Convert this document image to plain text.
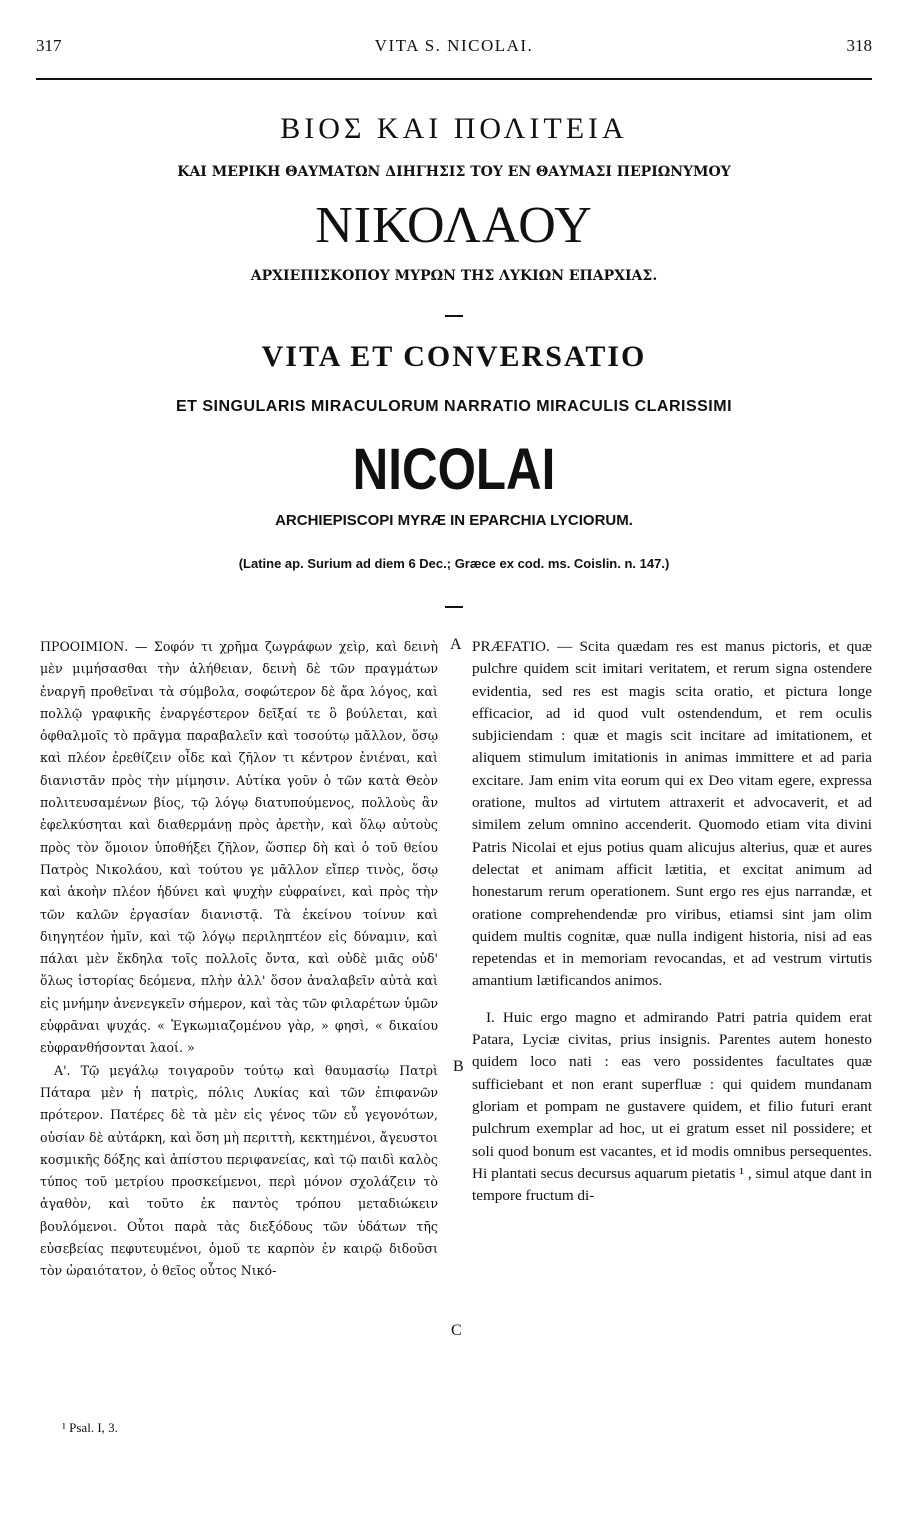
317	VITA S. NICOLAI.	318
ΒΙΟΣ ΚΑΙ ΠΟΛΙΤΕΙΑ
ΚΑΙ ΜΕΡΙΚΗ ΘΑΥΜΑΤΩΝ ΔΙΗΓΗΣΙΣ ΤΟΥ ΕΝ ΘΑΥΜΑΣΙ ΠΕΡΙΩΝΥΜΟΥ
ΝΙΚΟΛΑΟΥ
ΑΡΧΙΕΠΙΣΚΟΠΟΥ ΜΥΡΩΝ ΤΗΣ ΛΥΚΙΩΝ ΕΠΑΡΧΙΑΣ.
VITA ET CONVERSATIO
ET SINGULARIS MIRACULORUM NARRATIO MIRACULIS CLARISSIMI
NICOLAI
ARCHIEPISCOPI MYRÆ IN EPARCHIA LYCIORUM.
(Latine ap. Surium ad diem 6 Dec.; Græce ex cod. ms. Coislin. n. 147.)

ΠΡΟΟΙΜΙΟΝ. — Σοφόν τι χρῆμα ζωγράφων χεὶρ, καὶ δεινὴ μὲν μιμήσασθαι τὴν ἀλήθειαν, δεινὴ δὲ τῶν πραγμάτων ἐναργῆ προθεῖναι τὰ σύμβολα, σοφώτερον δὲ ἄρα λόγος, καὶ πολλῷ γραφικῆς ἐναργέστερον δεῖξαί τε ὃ βούλεται, καὶ ὀφθαλμοῖς τὸ πρᾶγμα παραβαλεῖν καὶ τοσούτῳ μᾶλλον, ὅσῳ καὶ πλέον ἐρεθίζειν οἶδε καὶ ζῆλον τι κέντρον ἐνιέναι, καὶ διανιστᾶν πρὸς τὴν μίμησιν. Αὐτίκα γοῦν ὁ τῶν κατὰ Θεὸν πολιτευσαμένων βίος, τῷ λόγῳ διατυπούμενος, πολλοὺς ἂν ἐφελκύσηται καὶ διαθερμάνῃ πρὸς ἀρετὴν, καὶ ὅλῳ αὐτοὺς πρὸς τὸν ὅμοιον ὑποθήξει ζῆλον, ὥσπερ δὴ καὶ ὁ τοῦ θείου Πατρὸς Νικολάου, καὶ τούτου γε μᾶλλον εἴπερ τινὸς, ὅσῳ καὶ ἀκοὴν πλέον ἡδύνει καὶ ψυχὴν εὐφραίνει, καὶ πρὸς τὴν τῶν καλῶν ἐργασίαν διανιστᾷ. Τὰ ἐκείνου τοίνυν καὶ διηγητέον ἡμῖν, καὶ τῷ λόγῳ περιληπτέον εἰς δύναμιν, καὶ πάλαι μὲν ἔκδηλα τοῖς πολλοῖς ὄντα, καὶ οὐδὲ μιᾶς οὐδ' ὅλως ἱστορίας δεόμενα, πλὴν ἀλλ' ὅσον ἀναλαβεῖν αὐτὰ καὶ εἰς μνήμην ἀνενεγκεῖν σήμερον, καὶ τὰς τῶν φιλαρέτων ὑμῶν εὐφρᾶναι ψυχάς. « Ἐγκωμιαζομένου γὰρ, » φησὶ, « δικαίου εὐφρανθήσονται λαοί. »

Α'. Τῷ μεγάλῳ τοιγαροῦν τούτῳ καὶ θαυμασίῳ Πατρὶ Πάταρα μὲν ἡ πατρὶς, πόλις Λυκίας καὶ τῶν ἐπιφανῶν πρότερον. Πατέρες δὲ τὰ μὲν εἰς γένος τῶν εὖ γεγονότων, οὐσίαν δὲ αὐτάρκη, καὶ ὅση μὴ περιττὴ, κεκτημένοι, ἄγευστοι κοσμικῆς δόξης καὶ ἀπίστου περιφανείας, καὶ τῷ παιδὶ καλὸς τύπος τοῦ μετρίου προσκείμενοι, περὶ μόνον σχολάζειν τὸ ἀγαθὸν, καὶ τοῦτο ἐκ παντὸς τρόπου μεταδιώκειν βουλόμενοι. Οὗτοι παρὰ τὰς διεξόδους τῶν ὑδάτων τῆς εὐσεβείας πεφυτευμένοι, ὁμοῦ τε καρπὸν ἐν καιρῷ διδοῦσι τὸν ὡραιότατον, ὁ θεῖος οὗτος Νικό-

A
B
C

PRÆFATIO. — Scita quædam res est manus pictoris, et quæ pulchre quidem scit imitari veritatem, et rerum signa ostendere evidentia, sed res est magis scita oratio, et pictura longe efficacior, ad id quod vult ostendendum, et rem oculis subjiciendam : quæ et magis scit incitare ad imitationem, et aliquem stimulum imitationis in animas immittere et ad paria excitare. Jam enim vita eorum qui ex Deo vitam egere, expressa oratione, multos ad virtutem attraxerit et advocaverit, et ad similem zelum omnino accenderit. Quomodo etiam vita divini Patris Nicolai et ejus potius quam alicujus alterius, quæ et aures delectat et animam afficit lætitia, et excitat animum ad honestarum rerum operationem. Sunt ergo res ejus narrandæ, et oratione comprehendendæ pro viribus, etiamsi sint jam olim quidem multis cognitæ, quæ nulla indigent historia, nisi ad eas repetendas et in memoriam revocandas, et ad vestrum virtutis amantium lætificandos animos.

I. Huic ergo magno et admirando Patri patria quidem erat Patara, Lyciæ civitas, prius insignis. Parentes autem honesto quidem loco nati : eas vero possidentes facultates quæ sufficiebant et non erant superfluæ : qui quidem mundanam gloriam et pompam ne gustavere quidem, et filio futuri erant pulchrum exemplar ad hoc, ut ei gratum esset nil possidere; et soli quod bonum est vacantes, et id modis omnibus persequentes. Hi plantati secus decursus aquarum pietatis ¹ , simul atque dant in tempore fructum di-

¹ Psal. I, 3.
